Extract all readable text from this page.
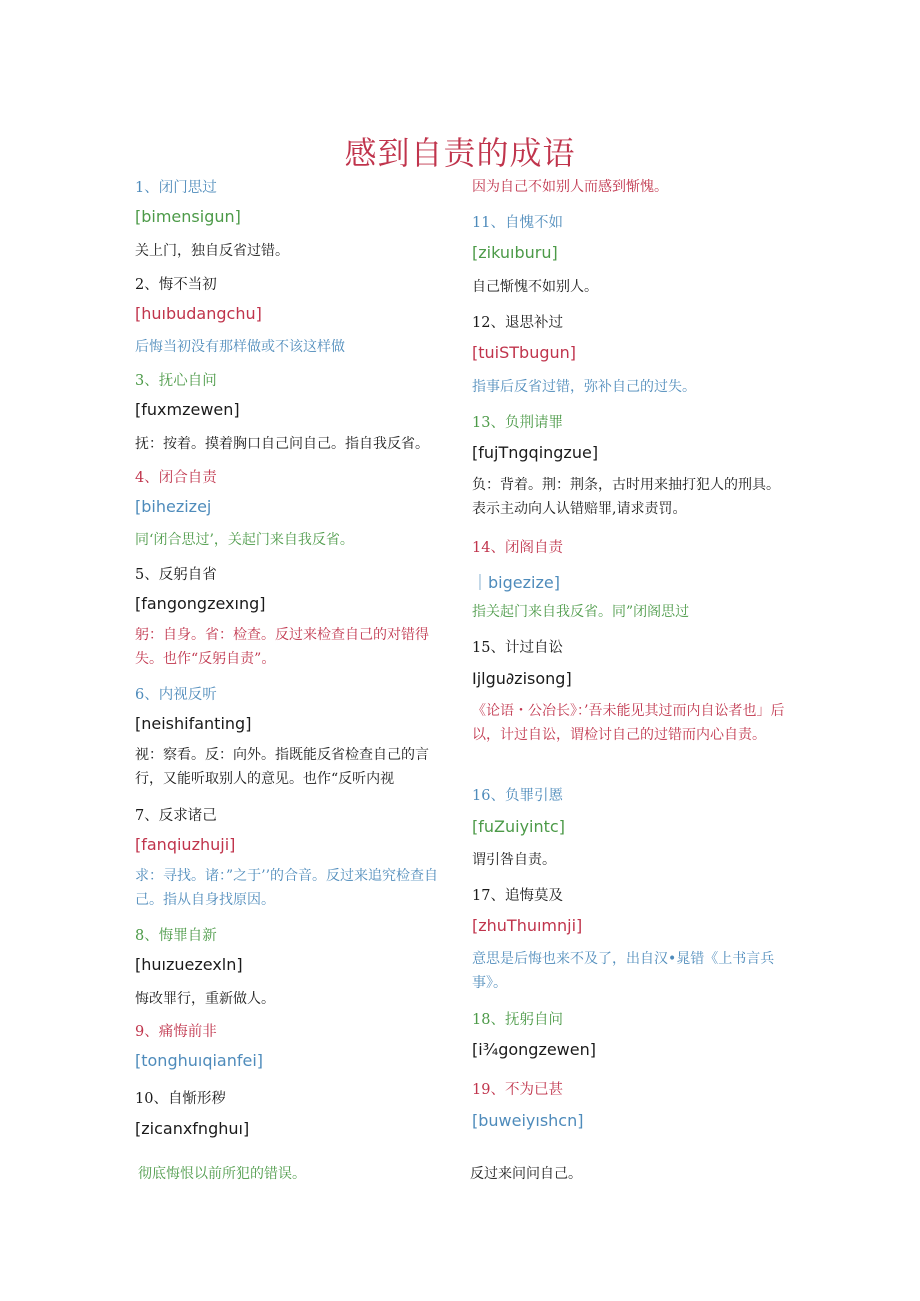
感到自责的成语
1、闭门思过
[bimensigun]
关上门，独自反省过错。
2、悔不当初
[huıbudangchu]
后悔当初没有那样做或不该这样做
3、抚心自问
[fuxmzewen]
抚：按着。摸着胸口自己问自己。指自我反省。
4、闭合自责
[bihezizej
同‘闭合思过’，关起门来自我反省。
5、反躬自省
[fangongzexıng]
躬：自身。省：检查。反过来检查自己的对错得失。也作“反躬自责”。
6、内视反听
[neishifanting]
视：察看。反：向外。指既能反省检查自己的言行，又能听取别人的意见。也作“反听内视
7、反求诸己
[fanqiuzhuji]
求：寻找。诸：”之于’’的合音。反过来追究检查自己。指从自身找原因。
8、悔罪自新
[huızuezexln]
悔改罪行，重新做人。
9、痛悔前非
[tonghuıqianfei]
10、自惭形秽
[zicanxfnghuı]
彻底悔恨以前所犯的错误。
因为自己不如别人而感到惭愧。
11、自愧不如
[zikuıburu]
自己惭愧不如别人。
12、退思补过
[tuiSTbugun]
指事后反省过错，弥补自己的过失。
13、负荆请罪
[fujTngqingzue]
负：背着。荆：荆条，古时用来抽打犯人的刑具。表示主动向人认错赔罪,请求责罚。
14、闭阁自责
｜bigezize]
指关起门来自我反省。同”闭阁思过
15、计过自讼
Ijlgu∂zisong]
《论语・公冶长》：’吾未能见其过而内自讼者也」后以，计过自讼，谓检讨自己的过错而内心自责。
16、负罪引慝
[fuZuiyintc]
谓引咎自责。
17、追悔莫及
[zhuThuımnji]
意思是后悔也来不及了，出自汉•晁错《上书言兵事》。
18、抚躬自问
[i¾gongzewen]
19、不为已甚
[buweiyıshcn]
反过来问问自己。
